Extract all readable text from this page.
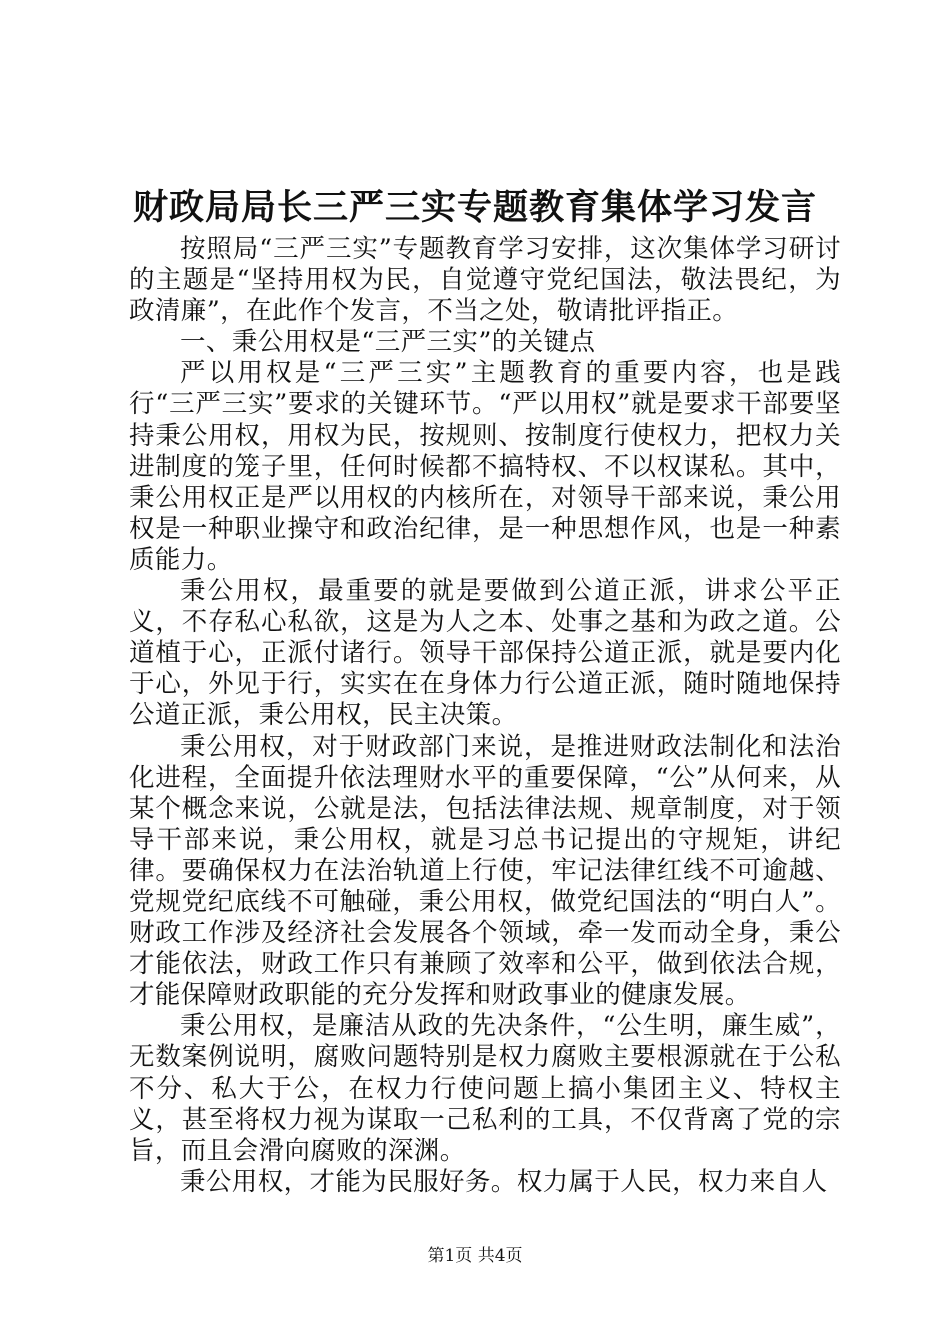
财政局局长三严三实专题教育集体学习发言

按照局“三严三实”专题教育学习安排，这次集体学习研讨的主题是“坚持用权为民，自觉遵守党纪国法，敬法畏纪，为政清廉”，在此作个发言，不当之处，敬请批评指正。

一、秉公用权是“三严三实”的关键点

严以用权是“三严三实”主题教育的重要内容，也是践行“三严三实”要求的关键环节。“严以用权”就是要求干部要坚持秉公用权，用权为民，按规则、按制度行使权力，把权力关进制度的笼子里，任何时候都不搞特权、不以权谋私。其中，秉公用权正是严以用权的内核所在，对领导干部来说，秉公用权是一种职业操守和政治纪律，是一种思想作风，也是一种素质能力。

秉公用权，最重要的就是要做到公道正派，讲求公平正义，不存私心私欲，这是为人之本、处事之基和为政之道。公道植于心，正派付诸行。领导干部保持公道正派，就是要内化于心，外见于行，实实在在身体力行公道正派，随时随地保持公道正派，秉公用权，民主决策。

秉公用权，对于财政部门来说，是推进财政法制化和法治化进程，全面提升依法理财水平的重要保障，“公”从何来，从某个概念来说，公就是法，包括法律法规、规章制度，对于领导干部来说，秉公用权，就是习总书记提出的守规矩，讲纪律。要确保权力在法治轨道上行使，牢记法律红线不可逾越、党规党纪底线不可触碰，秉公用权，做党纪国法的“明白人”。财政工作涉及经济社会发展各个领域，牵一发而动全身，秉公才能依法，财政工作只有兼顾了效率和公平，做到依法合规，才能保障财政职能的充分发挥和财政事业的健康发展。

秉公用权，是廉洁从政的先决条件，“公生明，廉生威”，无数案例说明，腐败问题特别是权力腐败主要根源就在于公私不分、私大于公，在权力行使问题上搞小集团主义、特权主义，甚至将权力视为谋取一己私利的工具，不仅背离了党的宗旨，而且会滑向腐败的深渊。

秉公用权，才能为民服好务。权力属于人民，权力来自人

第1页 共4页
